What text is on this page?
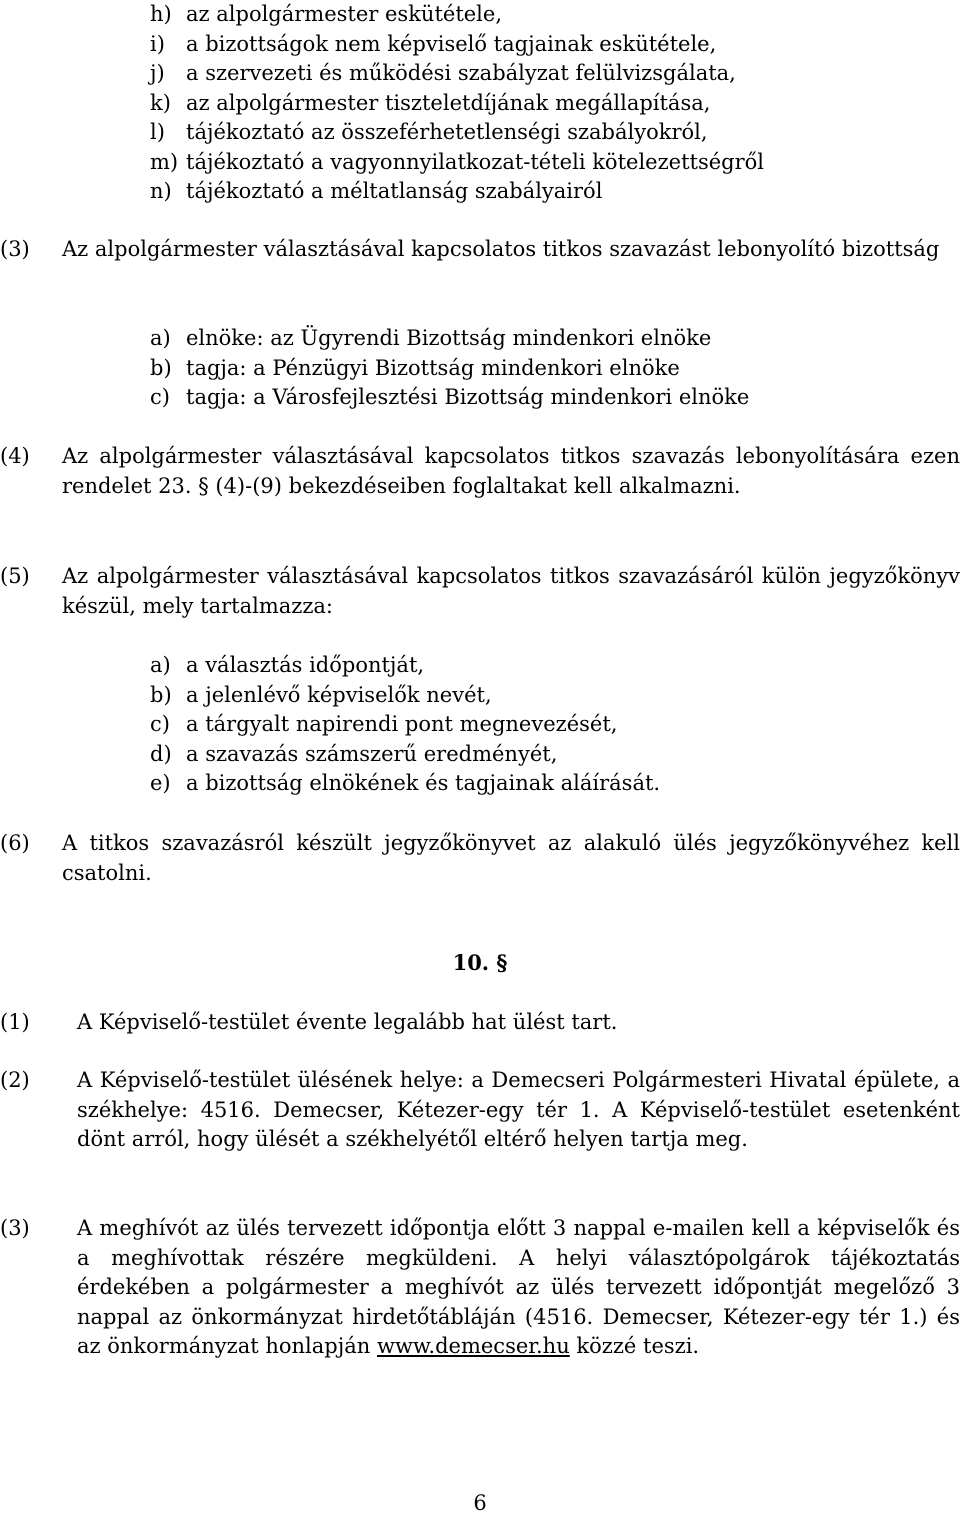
h) az alpolgármester eskütétele,
i) a bizottságok nem képviselő tagjainak eskütétele,
j) a szervezeti és működési szabályzat felülvizsgálata,
k) az alpolgármester tiszteletdíjának megállapítása,
l) tájékoztató az összeférhetetlenségi szabályokról,
m) tájékoztató a vagyonnyilatkozat-tételi kötelezettségről
n) tájékoztató a méltatlanság szabályairól
(3) Az alpolgármester választásával kapcsolatos titkos szavazást lebonyolító bizottság
a) elnöke: az Ügyrendi Bizottság mindenkori elnöke
b) tagja: a Pénzügyi Bizottság mindenkori elnöke
c) tagja: a Városfejlesztési Bizottság mindenkori elnöke
(4) Az alpolgármester választásával kapcsolatos titkos szavazás lebonyolítására ezen rendelet 23. § (4)-(9) bekezdéseiben foglaltakat kell alkalmazni.
(5) Az alpolgármester választásával kapcsolatos titkos szavazásáról külön jegyzőkönyv készül, mely tartalmazza:
a) a választás időpontját,
b) a jelenlévő képviselők nevét,
c) a tárgyalt napirendi pont megnevezését,
d) a szavazás számszerű eredményét,
e) a bizottság elnökének és tagjainak aláírását.
(6) A titkos szavazásról készült jegyzőkönyvet az alakuló ülés jegyzőkönyvéhez kell csatolni.
10. §
(1) A Képviselő-testület évente legalább hat ülést tart.
(2) A Képviselő-testület ülésének helye: a Demecseri Polgármesteri Hivatal épülete, a székhelye: 4516. Demecser, Kétezer-egy tér 1. A Képviselő-testület esetenként dönt arról, hogy ülését a székhelyétől eltérő helyen tartja meg.
(3) A meghívót az ülés tervezett időpontja előtt 3 nappal e-mailen kell a képviselők és a meghívottak részére megküldeni. A helyi választópolgárok tájékoztatás érdekében a polgármester a meghívót az ülés tervezett időpontját megelőző 3 nappal az önkormányzat hirdetőtábláján (4516. Demecser, Kétezer-egy tér 1.) és az önkormányzat honlapján www.demecser.hu közzé teszi.
6
